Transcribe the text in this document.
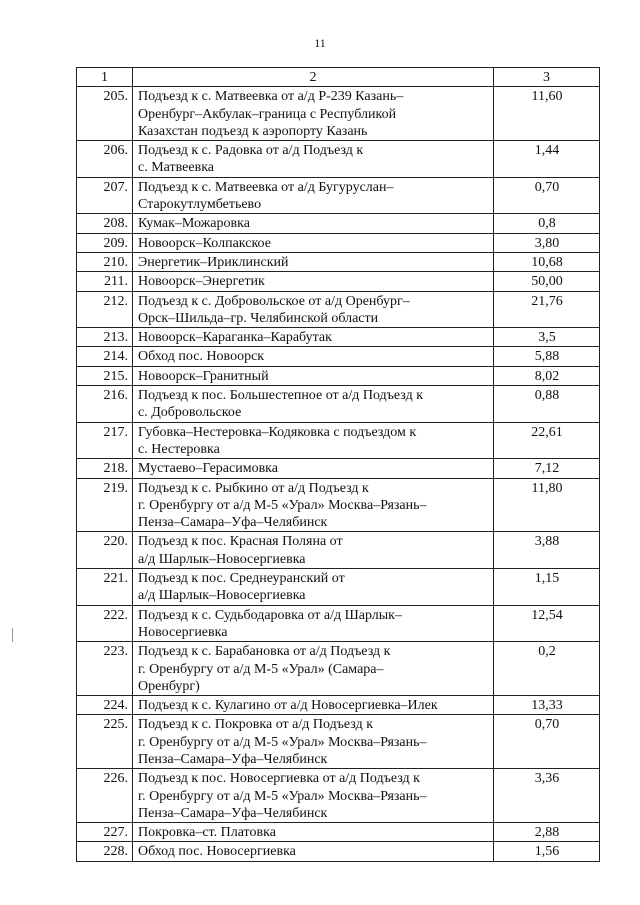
11
1	2	3
205.	Подъезд к с. Матвеевка от а/д Р-239 Казань–
Оренбург–Акбулак–граница с Республикой
Казахстан подъезд к аэропорту Казань	11,60
206.	Подъезд к с. Радовка от а/д Подъезд к
с. Матвеевка	1,44
207.	Подъезд к с. Матвеевка от а/д Бугуруслан–
Старокутлумбетьево	0,70
208.	Кумак–Можаровка	0,8
209.	Новоорск–Колпакское	3,80
210.	Энергетик–Ириклинский	10,68
211.	Новоорск–Энергетик	50,00
212.	Подъезд к с. Добровольское от а/д Оренбург–
Орск–Шильда–гр. Челябинской области	21,76
213.	Новоорск–Караганка–Карабутак	3,5
214.	Обход пос. Новоорск	5,88
215.	Новоорск–Гранитный	8,02
216.	Подъезд к пос. Большестепное от а/д Подъезд к
с. Добровольское	0,88
217.	Губовка–Нестеровка–Кодяковка с подъездом к
с. Нестеровка	22,61
218.	Мустаево–Герасимовка	7,12
219.	Подъезд к с. Рыбкино от а/д Подъезд к
г. Оренбургу от а/д М-5 «Урал» Москва–Рязань–
Пенза–Самара–Уфа–Челябинск	11,80
220.	Подъезд к пос. Красная Поляна от
а/д Шарлык–Новосергиевка	3,88
221.	Подъезд к пос. Среднеуранский от
а/д Шарлык–Новосергиевка	1,15
222.	Подъезд к с. Судьбодаровка от а/д Шарлык–
Новосергиевка	12,54
223.	Подъезд к с. Барабановка от а/д Подъезд к
г. Оренбургу от а/д М-5 «Урал» (Самара–
Оренбург)	0,2
224.	Подъезд к с. Кулагино от а/д Новосергиевка–Илек	13,33
225.	Подъезд к с. Покровка от а/д Подъезд к
г. Оренбургу от а/д М-5 «Урал» Москва–Рязань–
Пенза–Самара–Уфа–Челябинск	0,70
226.	Подъезд к пос. Новосергиевка от а/д Подъезд к
г. Оренбургу от а/д М-5 «Урал» Москва–Рязань–
Пенза–Самара–Уфа–Челябинск	3,36
227.	Покровка–ст. Платовка	2,88
228.	Обход пос. Новосергиевка	1,56
